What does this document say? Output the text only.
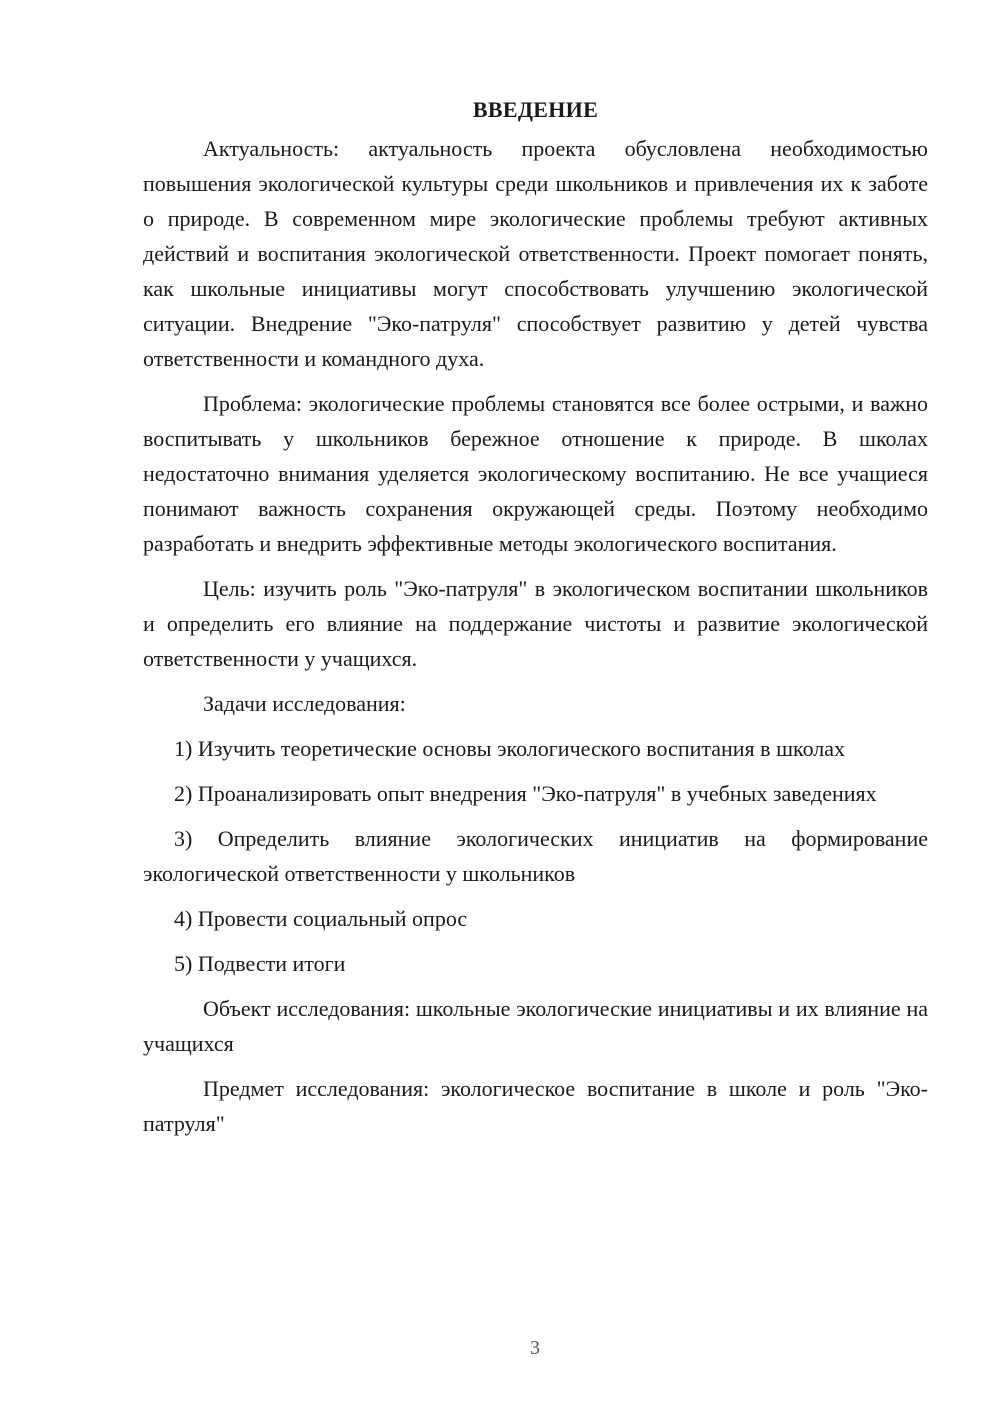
ВВЕДЕНИЕ

Актуальность: актуальность проекта обусловлена необходимостью повышения экологической культуры среди школьников и привлечения их к заботе о природе. В современном мире экологические проблемы требуют активных действий и воспитания экологической ответственности. Проект помогает понять, как школьные инициативы могут способствовать улучшению экологической ситуации. Внедрение "Эко-патруля" способствует развитию у детей чувства ответственности и командного духа.

Проблема: экологические проблемы становятся все более острыми, и важно воспитывать у школьников бережное отношение к природе. В школах недостаточно внимания уделяется экологическому воспитанию. Не все учащиеся понимают важность сохранения окружающей среды. Поэтому необходимо разработать и внедрить эффективные методы экологического воспитания.

Цель: изучить роль "Эко-патруля" в экологическом воспитании школьников и определить его влияние на поддержание чистоты и развитие экологической ответственности у учащихся.

Задачи исследования:

1) Изучить теоретические основы экологического воспитания в школах

2) Проанализировать опыт внедрения "Эко-патруля" в учебных заведениях

3) Определить влияние экологических инициатив на формирование экологической ответственности у школьников

4) Провести социальный опрос

5) Подвести итоги

Объект исследования: школьные экологические инициативы и их влияние на учащихся

Предмет исследования: экологическое воспитание в школе и роль "Эко-патруля"

3
